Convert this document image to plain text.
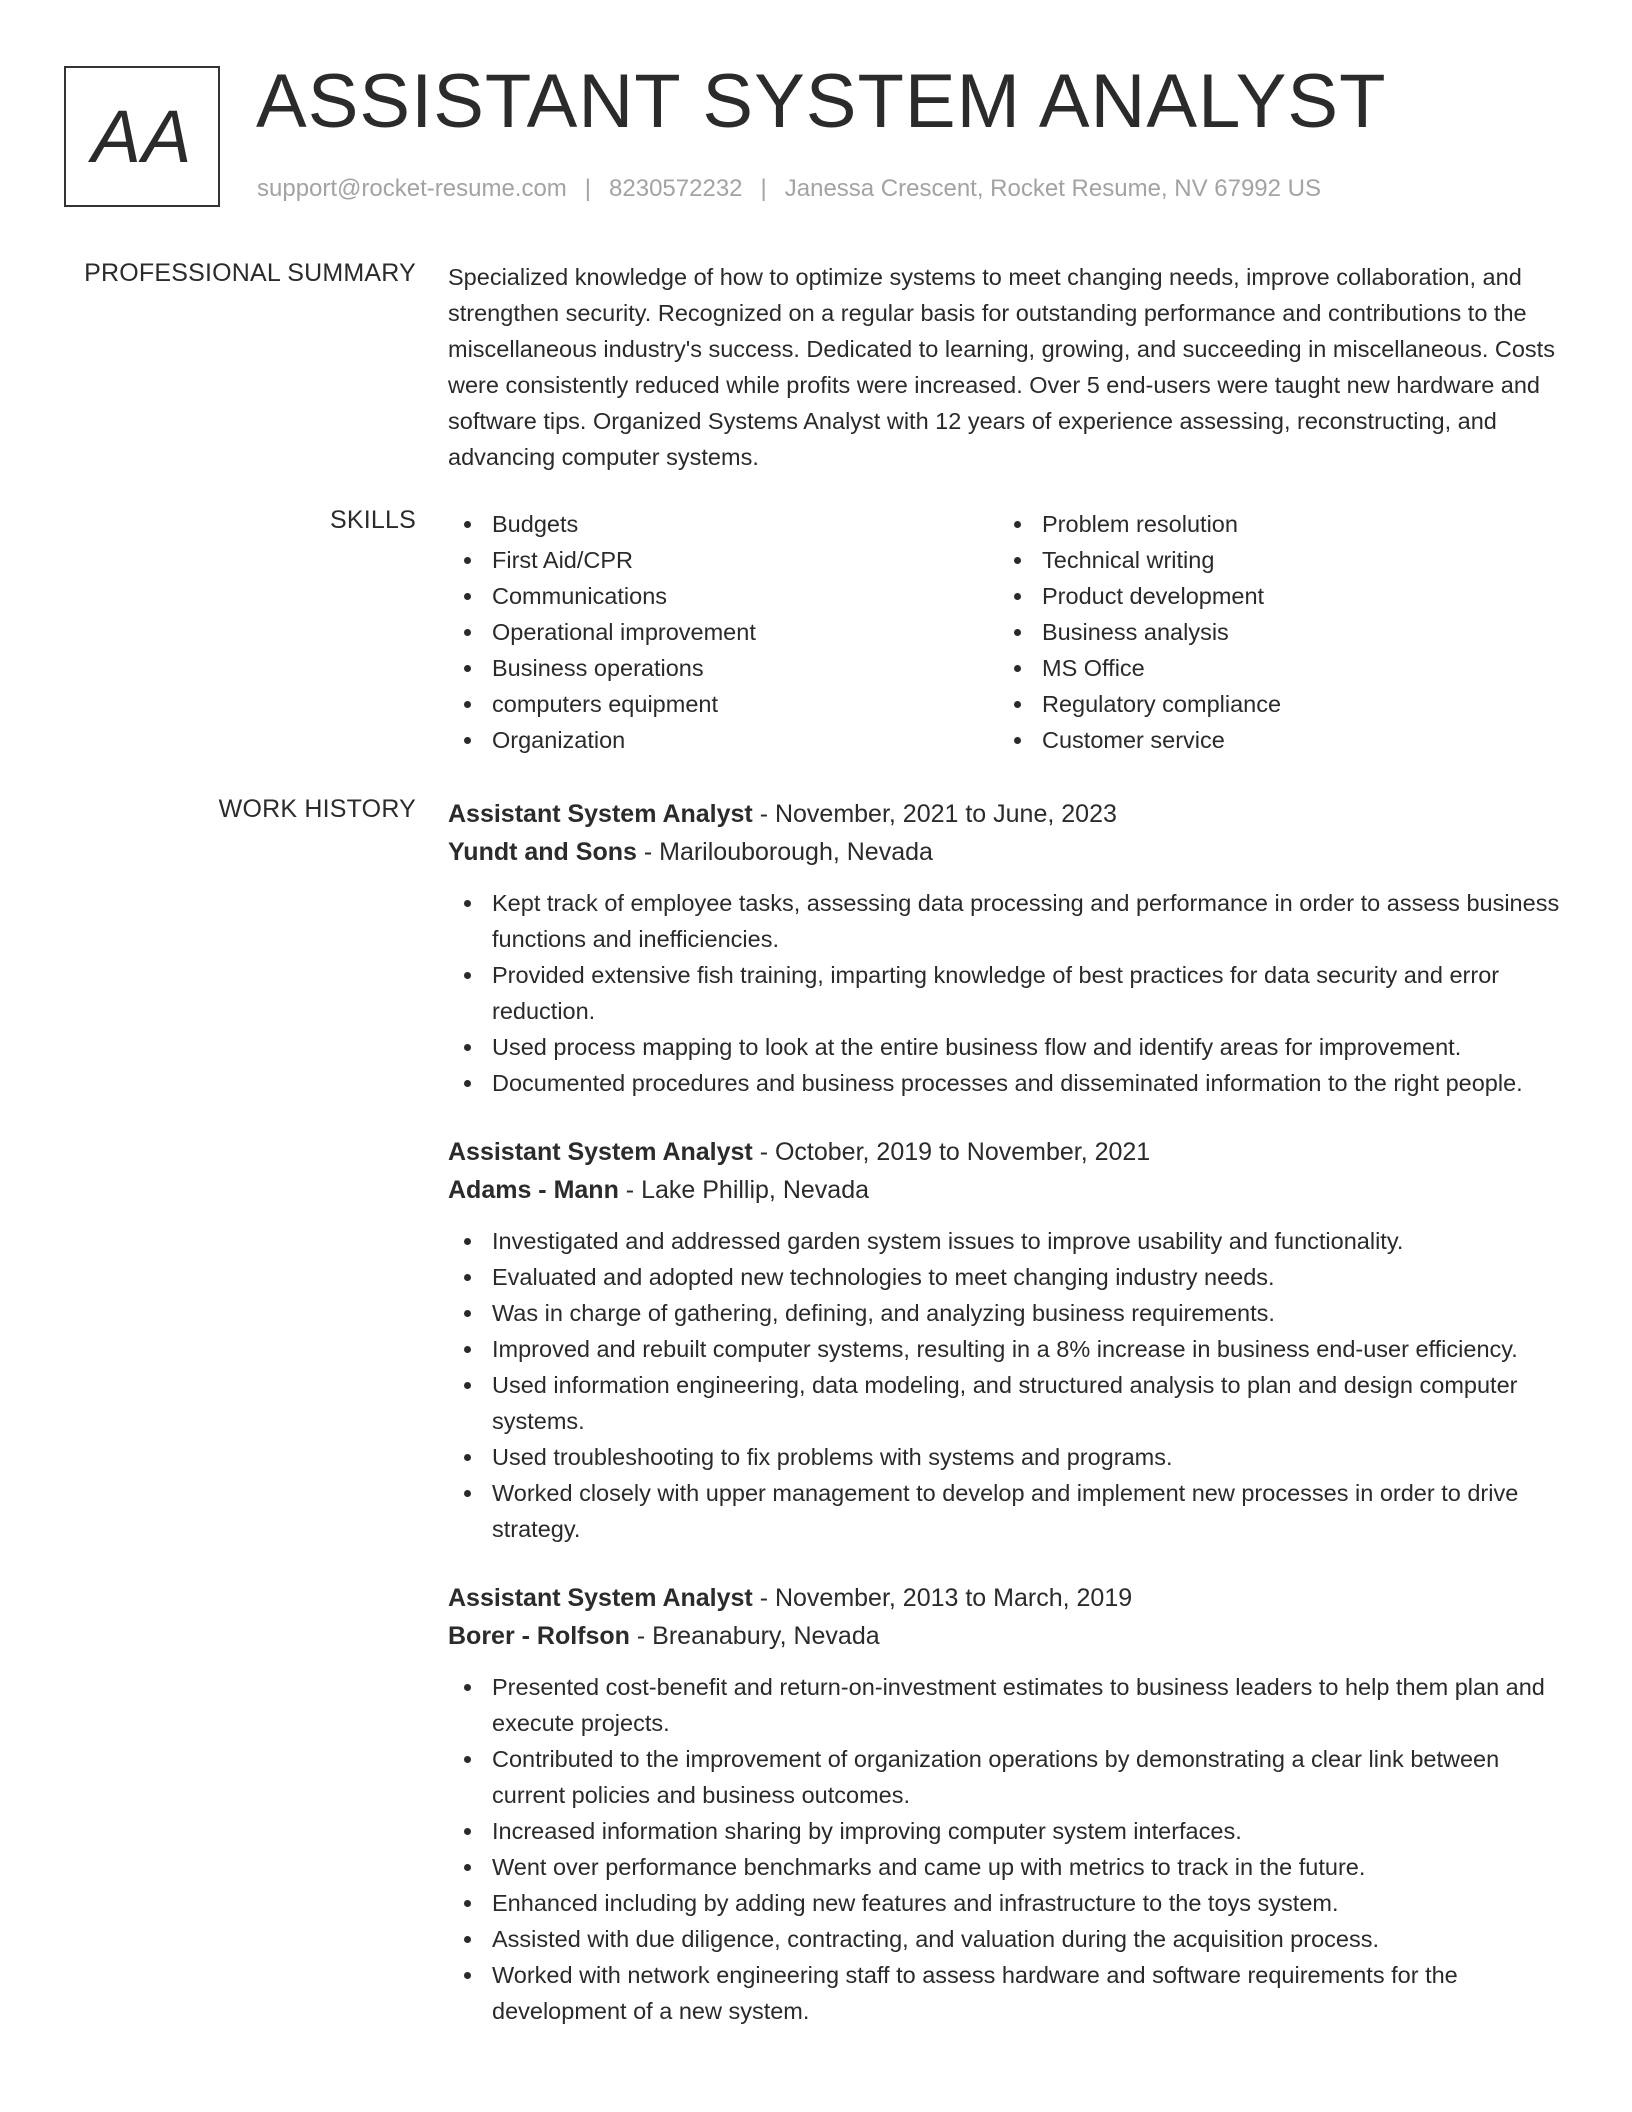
AA ASSISTANT SYSTEM ANALYST
support@rocket-resume.com | 8230572232 | Janessa Crescent, Rocket Resume, NV 67992 US
PROFESSIONAL SUMMARY Specialized knowledge of how to optimize systems to meet changing needs, improve collaboration, and strengthen security. Recognized on a regular basis for outstanding performance and contributions to the miscellaneous industry's success. Dedicated to learning, growing, and succeeding in miscellaneous. Costs were consistently reduced while profits were increased. Over 5 end-users were taught new hardware and software tips. Organized Systems Analyst with 12 years of experience assessing, reconstructing, and advancing computer systems.
SKILLS	Budgets
First Aid/CPR
Communications
Operational improvement
Business operations
computers equipment
Organization
Problem resolution
Technical writing
Product development
Business analysis
MS Office
Regulatory compliance
Customer service
WORK HISTORY Assistant System Analyst - November, 2021 to June, 2023
Yundt and Sons - Marilouborough, Nevada
Kept track of employee tasks, assessing data processing and performance in order to assess business functions and inefficiencies.
Provided extensive fish training, imparting knowledge of best practices for data security and error reduction.
Used process mapping to look at the entire business flow and identify areas for improvement.
Documented procedures and business processes and disseminated information to the right people.
Assistant System Analyst - October, 2019 to November, 2021
Adams - Mann - Lake Phillip, Nevada
Investigated and addressed garden system issues to improve usability and functionality.
Evaluated and adopted new technologies to meet changing industry needs.
Was in charge of gathering, defining, and analyzing business requirements.
Improved and rebuilt computer systems, resulting in a 8% increase in business end-user efficiency.
Used information engineering, data modeling, and structured analysis to plan and design computer systems.
Used troubleshooting to fix problems with systems and programs.
Worked closely with upper management to develop and implement new processes in order to drive strategy.
Assistant System Analyst - November, 2013 to March, 2019
Borer - Rolfson - Breanabury, Nevada
Presented cost-benefit and return-on-investment estimates to business leaders to help them plan and execute projects.
Contributed to the improvement of organization operations by demonstrating a clear link between current policies and business outcomes.
Increased information sharing by improving computer system interfaces.
Went over performance benchmarks and came up with metrics to track in the future.
Enhanced including by adding new features and infrastructure to the toys system.
Assisted with due diligence, contracting, and valuation during the acquisition process.
Worked with network engineering staff to assess hardware and software requirements for the development of a new system.
